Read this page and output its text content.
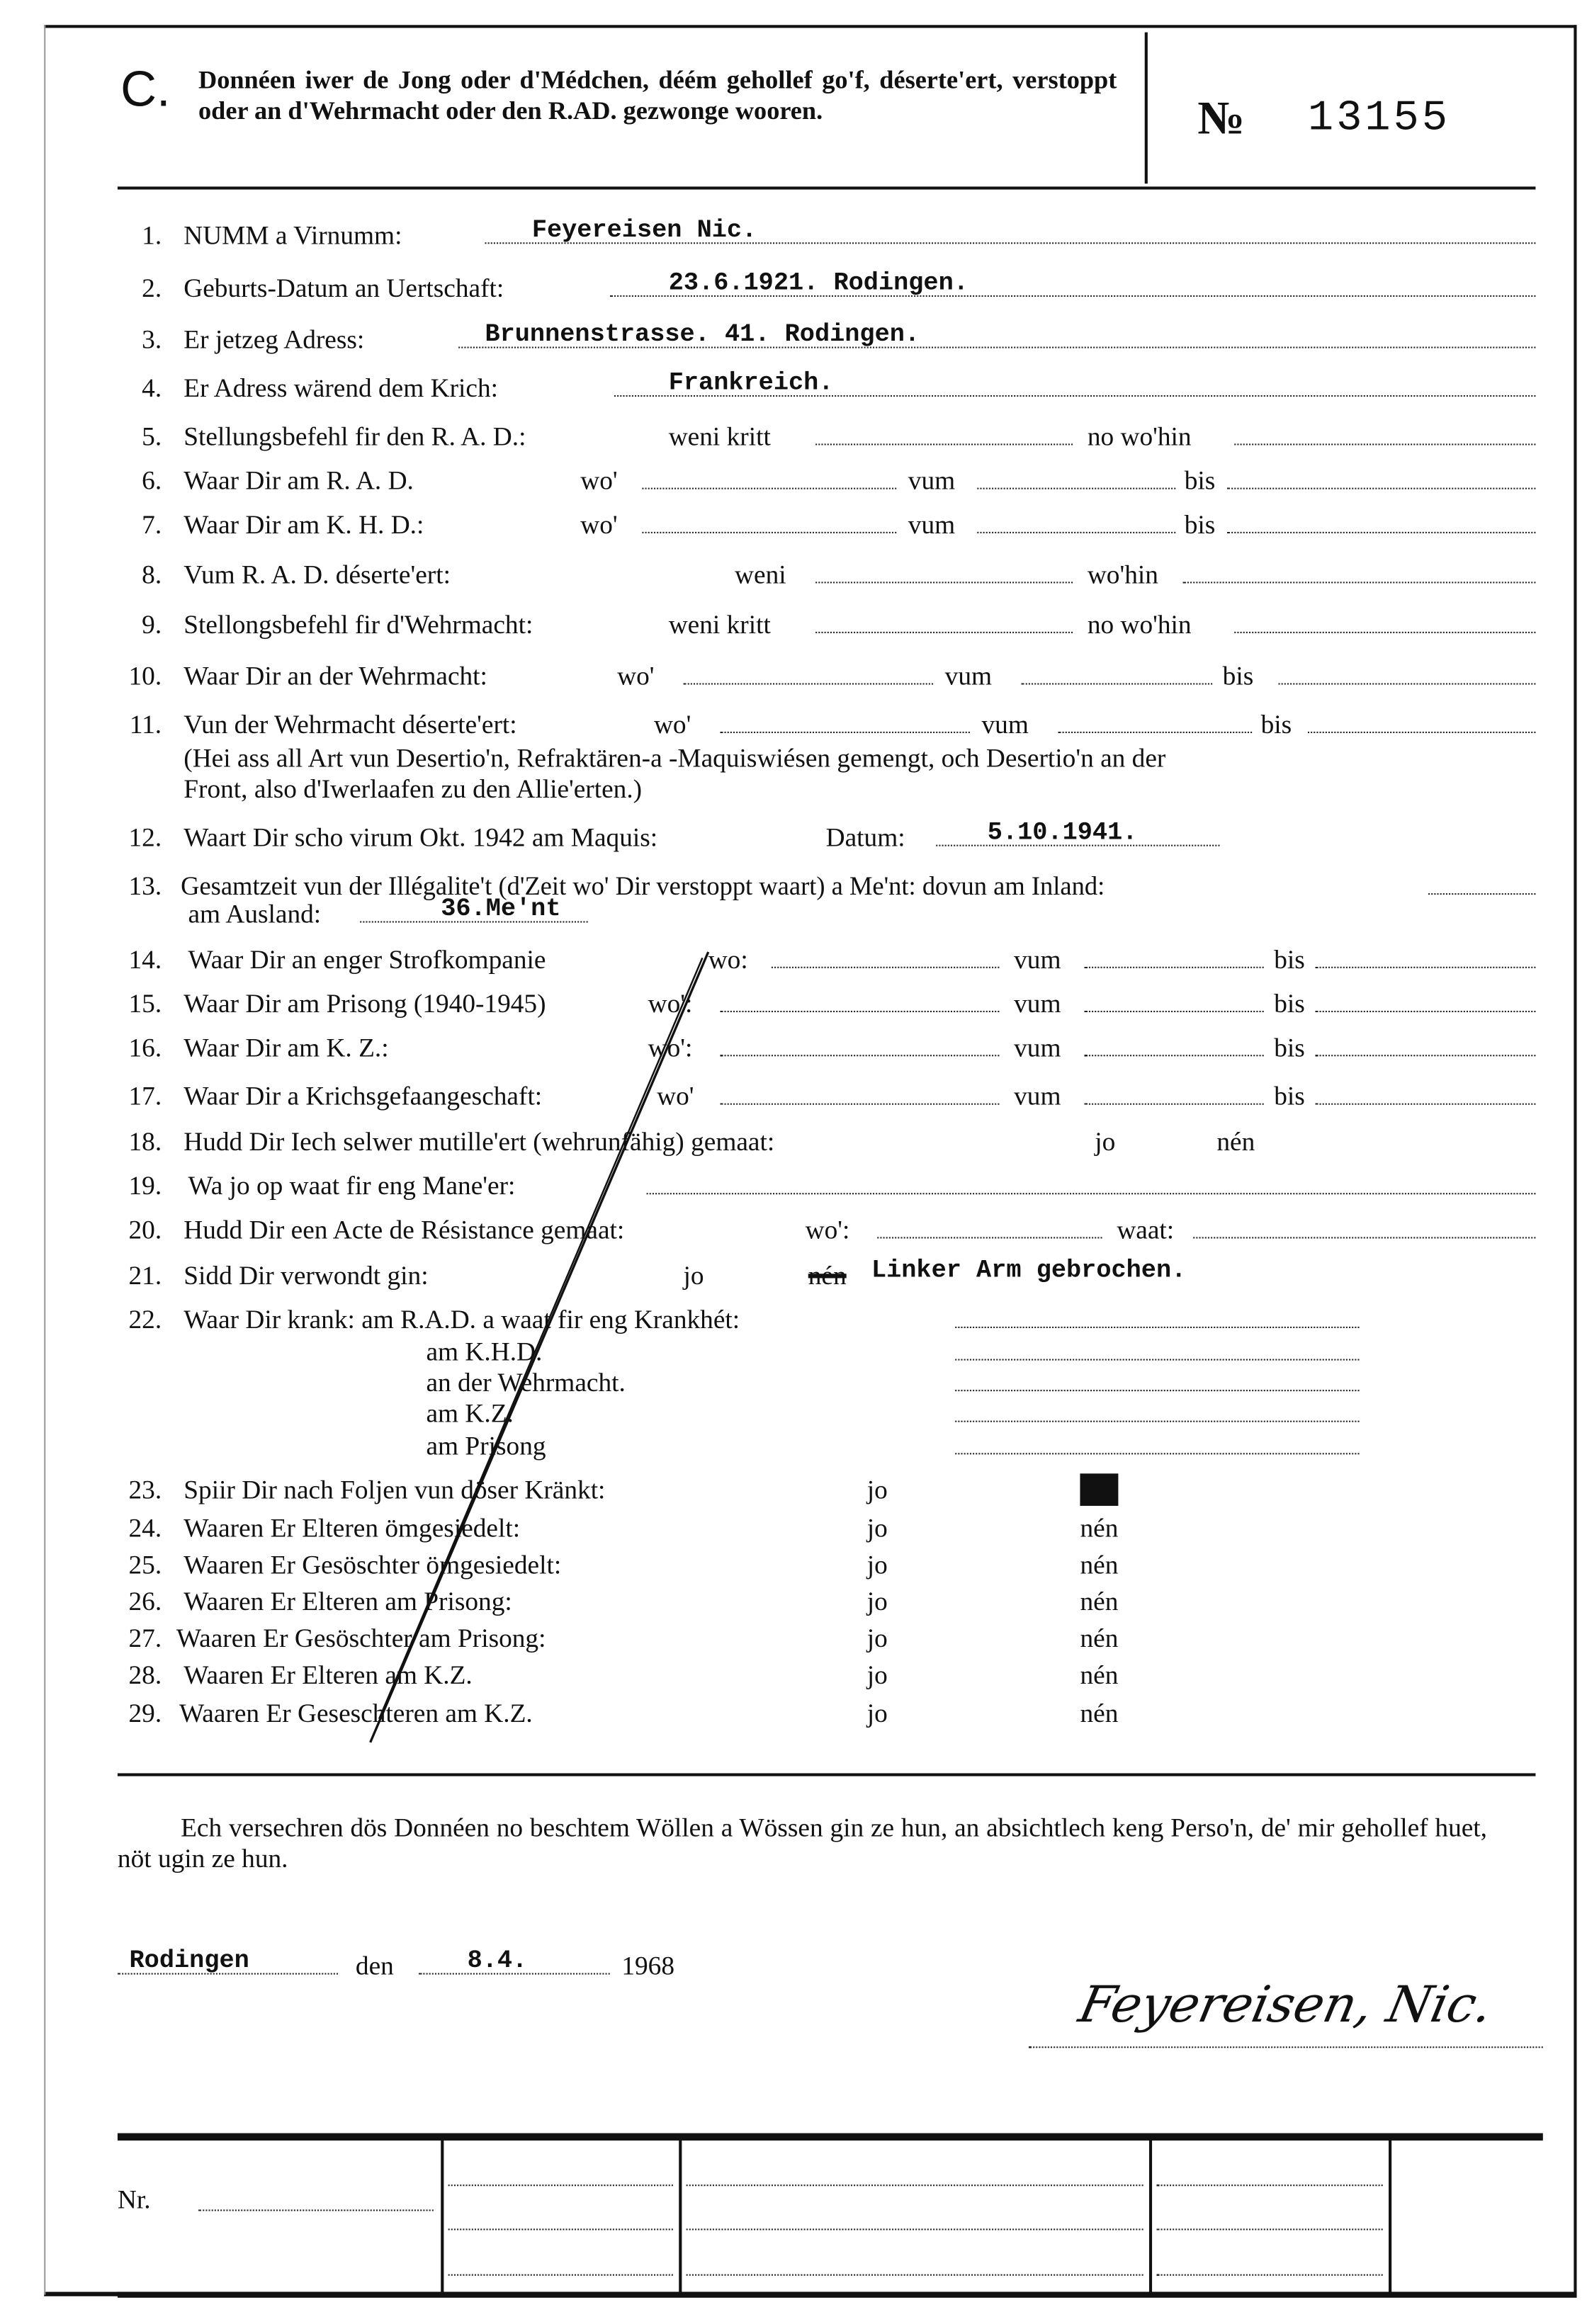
C. Donnéen iwer de Jong oder d'Médchen, déém gehollef go'f, déserte'ert, verstoppt oder an d'Wehrmacht oder den R.AD. gezwonge wooren.	№	13155
1. NUMM a Virnumm:	Feyereisen Nic.
2. Geburts-Datum an Uertschaft:	23.6.1921. Rodingen.
3. Er jetzeg Adress:	Brunnenstrasse. 41. Rodingen.
4. Er Adress wärend dem Krich:	Frankreich.
5. Stellungsbefehl fir den R. A. D.:	weni kritt	no wo'hin
6. Waar Dir am R. A. D.	wo'	vum	bis
7. Waar Dir am K. H. D.:	wo'	vum	bis
8. Vum R. A. D. déserte'ert:	weni	wo'hin
9. Stellongsbefehl fir d'Wehrmacht:	weni kritt	no wo'hin
10. Waar Dir an der Wehrmacht:	wo'	vum	bis
11. Vun der Wehrmacht déserte'ert:	wo'	vum	bis
(Hei ass all Art vun Desertio'n, Refraktären-a -Maquiswiésen gemengt, och Desertio'n an der
Front, also d'Iwerlaafen zu den Allie'erten.)
12. Waart Dir scho virum Okt. 1942 am Maquis:	Datum:	5.10.1941.
13. Gesamtzeit vun der Illégalite't (d'Zeit wo' Dir verstoppt waart) a Me'nt: dovun am Inland:
am Ausland:	36.Me'nt
14. Waar Dir an enger Strofkompanie	wo:	vum	bis
15. Waar Dir am Prisong (1940-1945)	wo':	vum	bis
16. Waar Dir am K. Z.:	wo':	vum	bis
17. Waar Dir a Krichsgefaangeschaft:	wo'	vum	bis
18. Hudd Dir Iech selwer mutille'ert (wehrunfähig) gemaat:	jo	nén
19. Wa jo op waat fir eng Mane'er:
20. Hudd Dir een Acte de Résistance gemaat:	wo':	waat:
21. Sidd Dir verwondt gin:	jo	nén Linker Arm gebrochen.
22. Waar Dir krank: am R.A.D. a waat fir eng Krankhét:
am K.H.D.
an der Wehrmacht.
am K.Z.
am Prisong
23. Spiir Dir nach Foljen vun döser Kränkt:	jo	nén
24. Waaren Er Elteren ömgesiedelt:	jo	nén
25. Waaren Er Gesöschter ömgesiedelt:	jo	nén
26. Waaren Er Elteren am Prisong:	jo	nén
27. Waaren Er Gesöschter am Prisong:	jo	nén
28. Waaren Er Elteren am K.Z.	jo	nén
29. Waaren Er Geseschteren am K.Z.	jo	nén
Ech versechren dös Donnéen no beschtem Wöllen a Wössen gin ze hun, an absichtlech keng Perso'n, de' mir gehollef huet, nöt ugin ze hun.
Rodingen	den	8.4.	1968
Feyereisen, Nic.
Nr.
